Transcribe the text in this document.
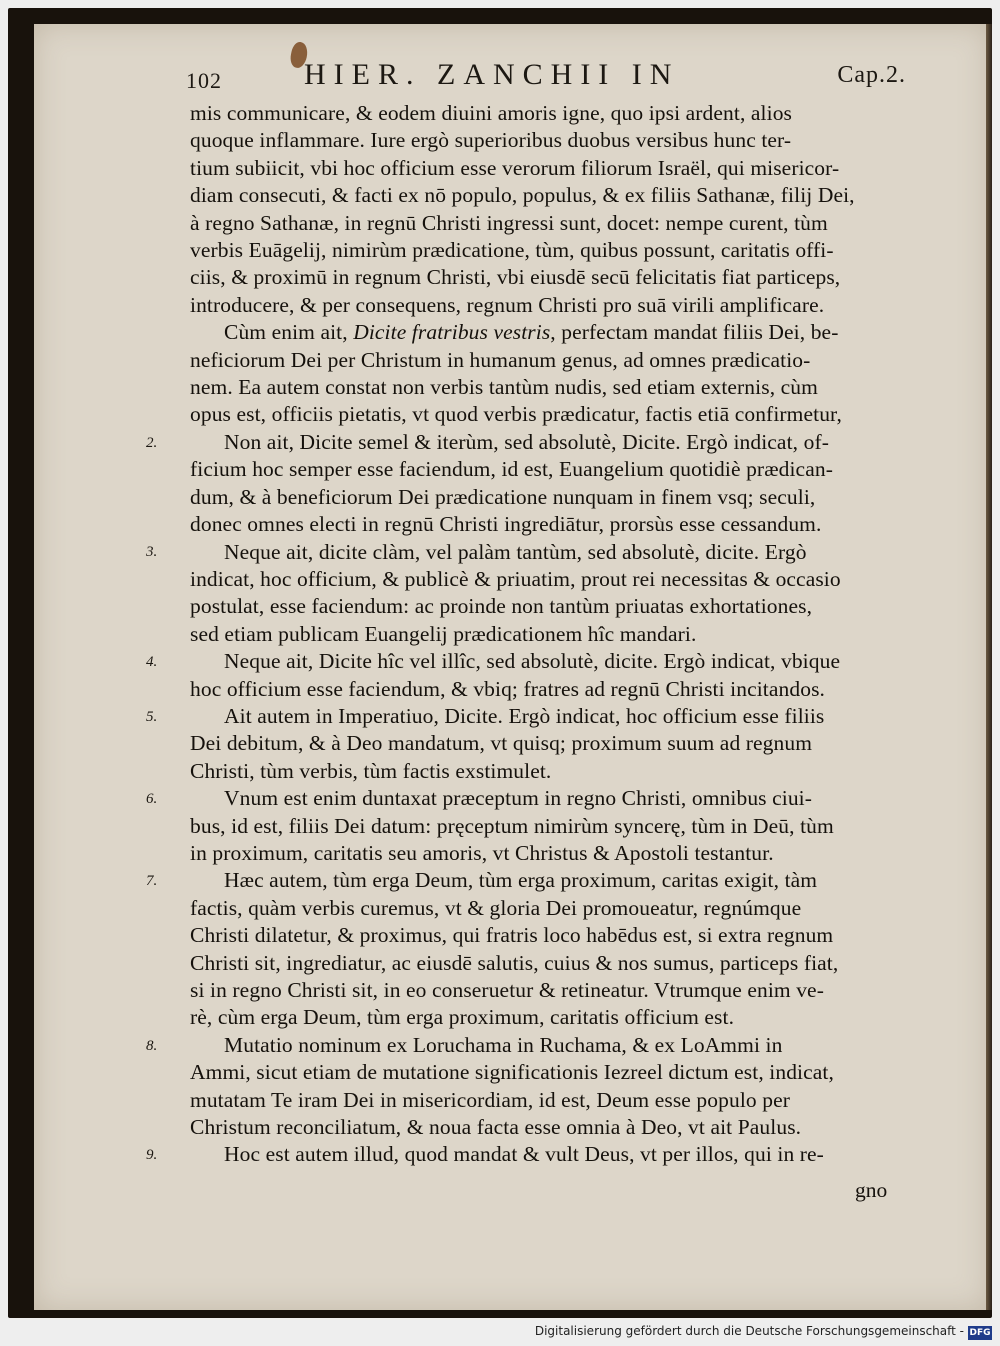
102	HIER. ZANCHII IN	Cap.2.

mis communicare, & eodem diuini amoris igne, quo ipsi ardent, alios
quoque inflammare. Iure ergò superioribus duobus versibus hunc ter-
tium subiicit, vbi hoc officium esse verorum filiorum Israël, qui misericor-
diam consecuti, & facti ex nō populo, populus, & ex filiis Sathanæ, filij Dei,
à regno Sathanæ, in regnū Christi ingressi sunt, docet: nempe curent, tùm
verbis Euāgelij, nimirùm prædicatione, tùm, quibus possunt, caritatis offi-
ciis, & proximū in regnum Christi, vbi eiusdē secū felicitatis fiat particeps,
introducere, & per consequens, regnum Christi pro suā virili amplificare.

Cùm enim ait, Dicite fratribus vestris, perfectam mandat filiis Dei, be-
neficiorum Dei per Christum in humanum genus, ad omnes prædicatio-
nem. Ea autem constat non verbis tantùm nudis, sed etiam externis, cùm
opus est, officiis pietatis, vt quod verbis prædicatur, factis etiā confirmetur,

Non ait, Dicite semel & iterùm, sed absolutè, Dicite. Ergò indicat, of-
ficium hoc semper esse faciendum, id est, Euangelium quotidiè prædican-
dum, & à beneficiorum Dei prædicatione nunquam in finem vsq; seculi,
donec omnes electi in regnū Christi ingrediātur, prorsùs esse cessandum.

Neque ait, dicite clàm, vel palàm tantùm, sed absolutè, dicite. Ergò
indicat, hoc officium, & publicè & priuatim, prout rei necessitas & occasio
postulat, esse faciendum: ac proinde non tantùm priuatas exhortationes,
sed etiam publicam Euangelij prædicationem hîc mandari.

Neque ait, Dicite hîc vel illîc, sed absolutè, dicite. Ergò indicat, vbique
hoc officium esse faciendum, & vbiq; fratres ad regnū Christi incitandos.

Ait autem in Imperatiuo, Dicite. Ergò indicat, hoc officium esse filiis
Dei debitum, & à Deo mandatum, vt quisq; proximum suum ad regnum
Christi, tùm verbis, tùm factis exstimulet.

Vnum est enim duntaxat præceptum in regno Christi, omnibus ciui-
bus, id est, filiis Dei datum: pręceptum nimirùm syncerę, tùm in Deū, tùm
in proximum, caritatis seu amoris, vt Christus & Apostoli testantur.

Hæc autem, tùm erga Deum, tùm erga proximum, caritas exigit, tàm
factis, quàm verbis curemus, vt & gloria Dei promoueatur, regnúmque
Christi dilatetur, & proximus, qui fratris loco habēdus est, si extra regnum
Christi sit, ingrediatur, ac eiusdē salutis, cuius & nos sumus, particeps fiat,
si in regno Christi sit, in eo conseruetur & retineatur. Vtrumque enim ve-
rè, cùm erga Deum, tùm erga proximum, caritatis officium est.

Mutatio nominum ex Loruchama in Ruchama, & ex LoAmmi in
Ammi, sicut etiam de mutatione significationis Iezreel dictum est, indicat,
mutatam Te iram Dei in misericordiam, id est, Deum esse populo per
Christum reconciliatum, & noua facta esse omnia à Deo, vt ait Paulus.

Hoc est autem illud, quod mandat & vult Deus, vt per illos, qui in re-

2.
3.
4.
5.
6.
7.
8.
9.
gno
Digitalisierung gefördert durch die Deutsche Forschungsgemeinschaft - DFG
